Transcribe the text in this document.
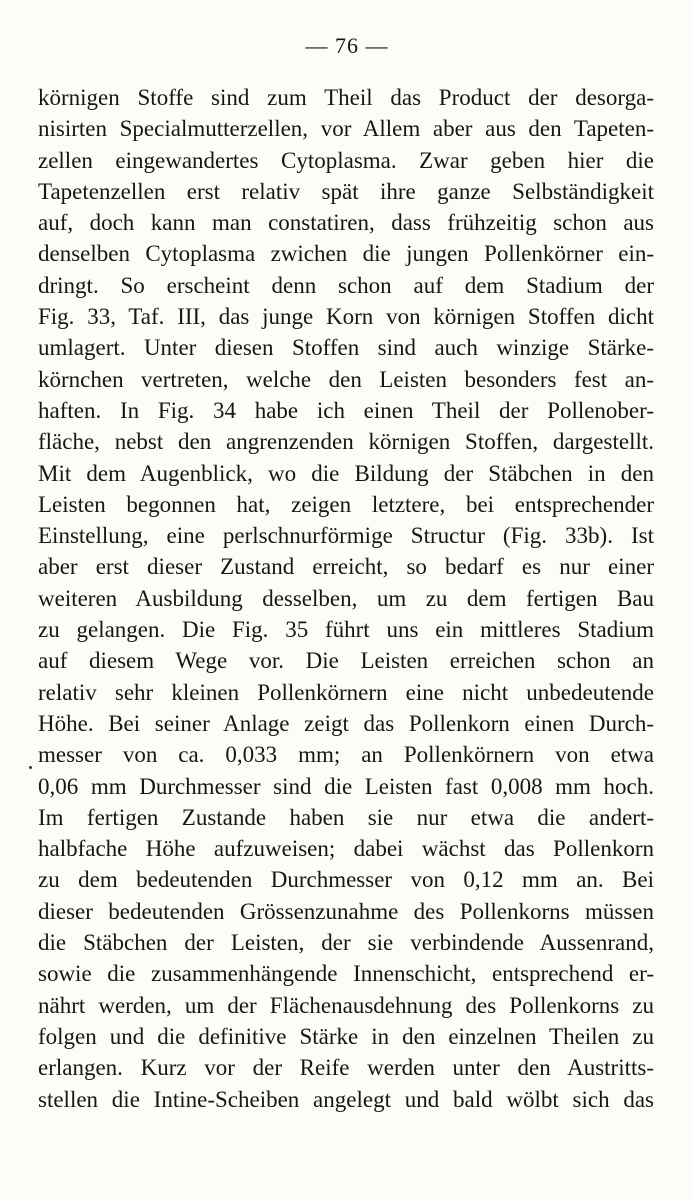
— 76 —
körnigen Stoffe sind zum Theil das Product der desorga-
nisirten Specialmutterzellen, vor Allem aber aus den Tapeten-
zellen eingewandertes Cytoplasma. Zwar geben hier die
Tapetenzellen erst relativ spät ihre ganze Selbständigkeit
auf, doch kann man constatiren, dass frühzeitig schon aus
denselben Cytoplasma zwichen die jungen Pollenkörner ein-
dringt. So erscheint denn schon auf dem Stadium der
Fig. 33, Taf. III, das junge Korn von körnigen Stoffen dicht
umlagert. Unter diesen Stoffen sind auch winzige Stärke-
körnchen vertreten, welche den Leisten besonders fest an-
haften. In Fig. 34 habe ich einen Theil der Pollenober-
fläche, nebst den angrenzenden körnigen Stoffen, dargestellt.
Mit dem Augenblick, wo die Bildung der Stäbchen in den
Leisten begonnen hat, zeigen letztere, bei entsprechender
Einstellung, eine perlschnurförmige Structur (Fig. 33b). Ist
aber erst dieser Zustand erreicht, so bedarf es nur einer
weiteren Ausbildung desselben, um zu dem fertigen Bau
zu gelangen. Die Fig. 35 führt uns ein mittleres Stadium
auf diesem Wege vor. Die Leisten erreichen schon an
relativ sehr kleinen Pollenkörnern eine nicht unbedeutende
Höhe. Bei seiner Anlage zeigt das Pollenkorn einen Durch-
messer von ca. 0,033 mm; an Pollenkörnern von etwa
0,06 mm Durchmesser sind die Leisten fast 0,008 mm hoch.
Im fertigen Zustande haben sie nur etwa die andert-
halbfache Höhe aufzuweisen; dabei wächst das Pollenkorn
zu dem bedeutenden Durchmesser von 0,12 mm an. Bei
dieser bedeutenden Grössenzunahme des Pollenkorns müssen
die Stäbchen der Leisten, der sie verbindende Aussenrand,
sowie die zusammenhängende Innenschicht, entsprechend er-
nährt werden, um der Flächenausdehnung des Pollenkorns zu
folgen und die definitive Stärke in den einzelnen Theilen zu
erlangen. Kurz vor der Reife werden unter den Austritts-
stellen die Intine-Scheiben angelegt und bald wölbt sich das
